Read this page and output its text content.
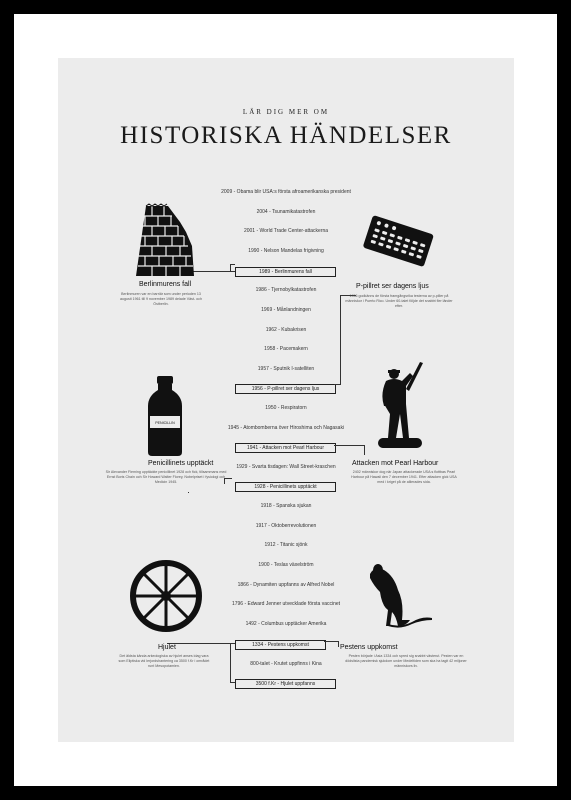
LÄR DIG MER OM
HISTORISKA HÄNDELSER
2009 - Obama blir USA:s första afroamerikanska president
2004 - Tsunamikatastrofen
2001 - World Trade Center-attackerna
1990 - Nelson Mandelas frigivning
1989 - Berlinmurens fall
1986 - Tjernobylkatastrofen
1969 - Månlandningen
1962 - Kubakrisen
1958 - Pacemakern
1957 - Sputnik I-satelliten
1956 - P-pillret ser dagens ljus
1950 - Respiratorn
1945 - Atombomberna över Hiroshima och Nagasaki
1941 - Attacken mot Pearl Harbour
1929 - Svarta tisdagen: Wall Street-kraschen
1928 - Penicillinets upptäckt
1918 - Spanska sjukan
1917 - Oktoberrevolutionen
1912 - Titanic sjönk
1900 - Teslas växelström
1866 - Dynamiten uppfanns av Alfred Nobel
1796 - Edward Jenner utvecklade första vaccinet
1492 - Columbus upptäcker Amerika
1334 - Pestens uppkomst
800-talet - Krutet uppfinns i Kina
3500 f.Kr - Hjulet uppfanns
Berlinmurens fall
Berlinmuren var en barriär som under perioden 13 augusti 1961 till 9 november 1989 delade Väst- och Östberlin.
P-pillret ser dagens ljus
1956 godkänns de första framgångsrika testerna av p-piller på människor i Puerto Rico. Under 60-talet följde det snabbt fler länder efter.
PENICILLIN
Penicillinets upptäckt
Sir Alexander Fleming upptäckte penicillinet 1928 och fick, tillsammans med Ernst Boris Chain och Sir Howard Walter Florey, Nobelpriset i fysiologi och Medicin 1945.
Attacken mot Pearl Harbour
2402 människor dog när Japan attackerade USA:s flottbas Pearl Harbour på Hawaii den 7 december 1941. Efter attacken gick USA med i kriget på de allierades sida.
Hjulet
Det äldsta kända arkeologiska av hjulet anses idag vara som Eliptiska vid lerjordshantering ca 3500 f.Kr i området runt Mesopotamien.
Pestens uppkomst
Pesten började i Asia 1334 och spred sig snabbt västerut. Pesten var en dödslista pandemisk sjukdom under Medeltiden som ska ha tagit 42 miljoner människors liv.
